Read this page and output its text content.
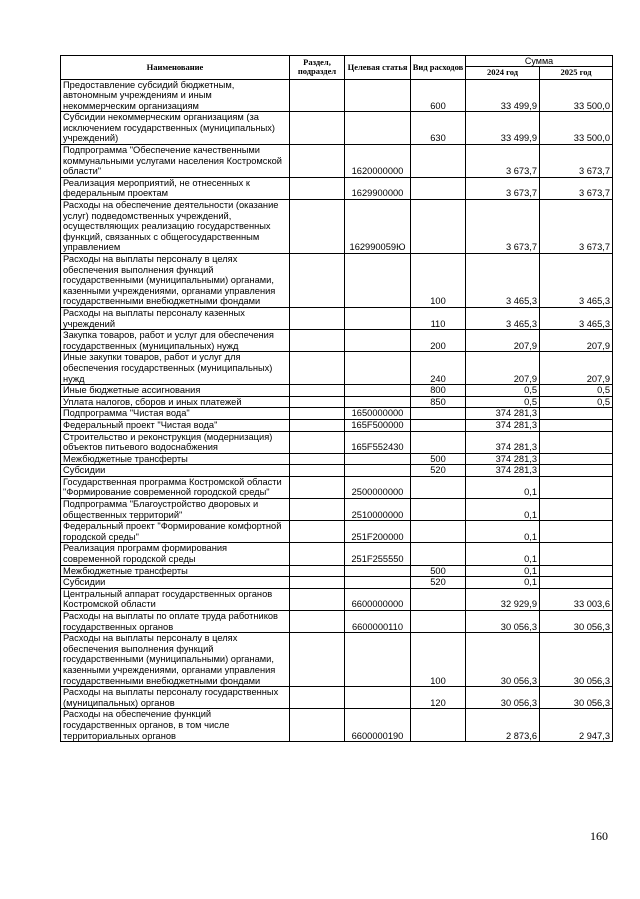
Наименование	Раздел, подраздел	Целевая статья	Вид расходов	Сумма	
				2024 год	2025 год
Предоставление субсидий бюджетным, автономным учреждениям и иным некоммерческим организациям			600	33 499,9	33 500,0
Субсидии некоммерческим организациям (за исключением государственных (муниципальных) учреждений)			630	33 499,9	33 500,0
Подпрограмма "Обеспечение качественными коммунальными услугами населения Костромской области"		1620000000		3 673,7	3 673,7
Реализация мероприятий, не отнесенных к федеральным проектам		1629900000		3 673,7	3 673,7
Расходы на обеспечение деятельности (оказание услуг) подведомственных учреждений, осуществляющих реализацию государственных функций, связанных с общегосударственным управлением		162990059Ю		3 673,7	3 673,7
Расходы на выплаты персоналу в целях обеспечения выполнения функций государственными (муниципальными) органами, казенными учреждениями, органами управления государственными внебюджетными фондами			100	3 465,3	3 465,3
Расходы на выплаты персоналу казенных учреждений			110	3 465,3	3 465,3
Закупка товаров, работ и услуг для обеспечения государственных (муниципальных) нужд			200	207,9	207,9
Иные закупки товаров, работ и услуг для обеспечения государственных (муниципальных) нужд			240	207,9	207,9
Иные бюджетные ассигнования			800	0,5	0,5
Уплата налогов, сборов и иных платежей			850	0,5	0,5
Подпрограмма "Чистая вода"		1650000000		374 281,3	
Федеральный проект "Чистая вода"		165F500000		374 281,3	
Строительство и реконструкция (модернизация) объектов питьевого водоснабжения		165F552430		374 281,3	
Межбюджетные трансферты			500	374 281,3	
Субсидии			520	374 281,3	
Государственная программа Костромской области "Формирование современной городской среды"		2500000000		0,1	
Подпрограмма "Благоустройство дворовых и общественных территорий"		2510000000		0,1	
Федеральный проект "Формирование комфортной городской среды"		251F200000		0,1	
Реализация программ формирования современной городской среды		251F255550		0,1	
Межбюджетные трансферты			500	0,1	
Субсидии			520	0,1	
Центральный аппарат государственных органов Костромской области		6600000000		32 929,9	33 003,6
Расходы на выплаты по оплате труда работников государственных органов		6600000110		30 056,3	30 056,3
Расходы на выплаты персоналу в целях обеспечения выполнения функций государственными (муниципальными) органами, казенными учреждениями, органами управления государственными внебюджетными фондами			100	30 056,3	30 056,3
Расходы на выплаты персоналу государственных (муниципальных) органов			120	30 056,3	30 056,3
Расходы на обеспечение функций государственных органов, в том числе территориальных органов		6600000190		2 873,6	2 947,3
160
